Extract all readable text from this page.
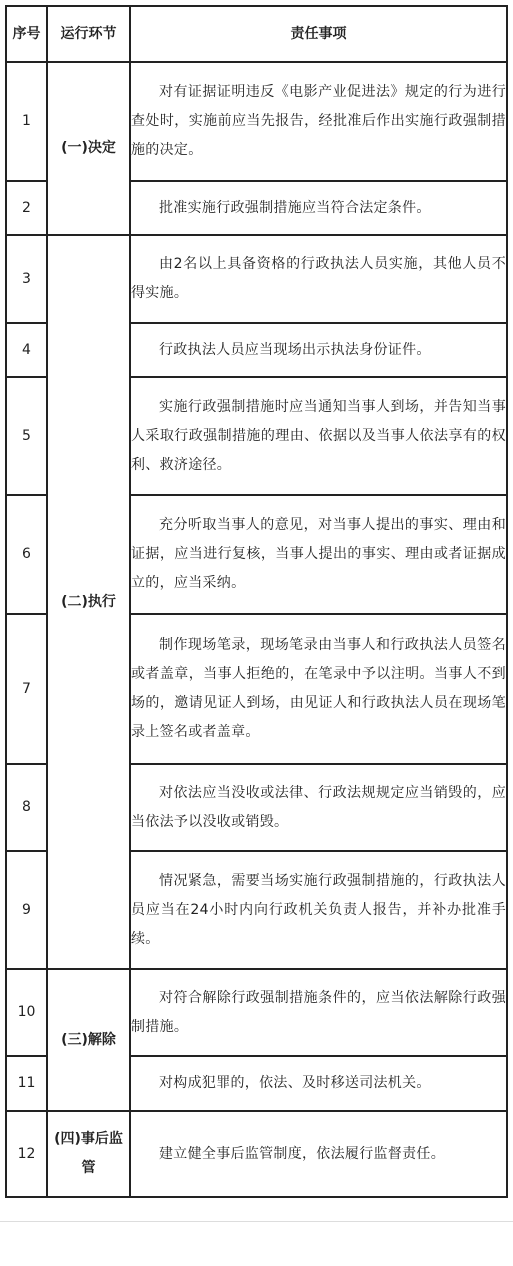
序号	运行环节	责任事项
1	(一)决定	对有证据证明违反《电影产业促进法》规定的行为进行查处时，实施前应当先报告，经批准后作出实施行政强制措施的决定。
2		批准实施行政强制措施应当符合法定条件。
3	(二)执行	由2名以上具备资格的行政执法人员实施，其他人员不得实施。
4		行政执法人员应当现场出示执法身份证件。
5		实施行政强制措施时应当通知当事人到场，并告知当事人采取行政强制措施的理由、依据以及当事人依法享有的权利、救济途径。
6		充分听取当事人的意见，对当事人提出的事实、理由和证据，应当进行复核，当事人提出的事实、理由或者证据成立的，应当采纳。
7		制作现场笔录，现场笔录由当事人和行政执法人员签名或者盖章，当事人拒绝的，在笔录中予以注明。当事人不到场的，邀请见证人到场，由见证人和行政执法人员在现场笔录上签名或者盖章。
8		对依法应当没收或法律、行政法规规定应当销毁的，应当依法予以没收或销毁。
9		情况紧急，需要当场实施行政强制措施的，行政执法人员应当在24小时内向行政机关负责人报告，并补办批准手续。
10	(三)解除	对符合解除行政强制措施条件的，应当依法解除行政强制措施。
11		对构成犯罪的，依法、及时移送司法机关。
12	(四)事后监管	建立健全事后监管制度，依法履行监督责任。
